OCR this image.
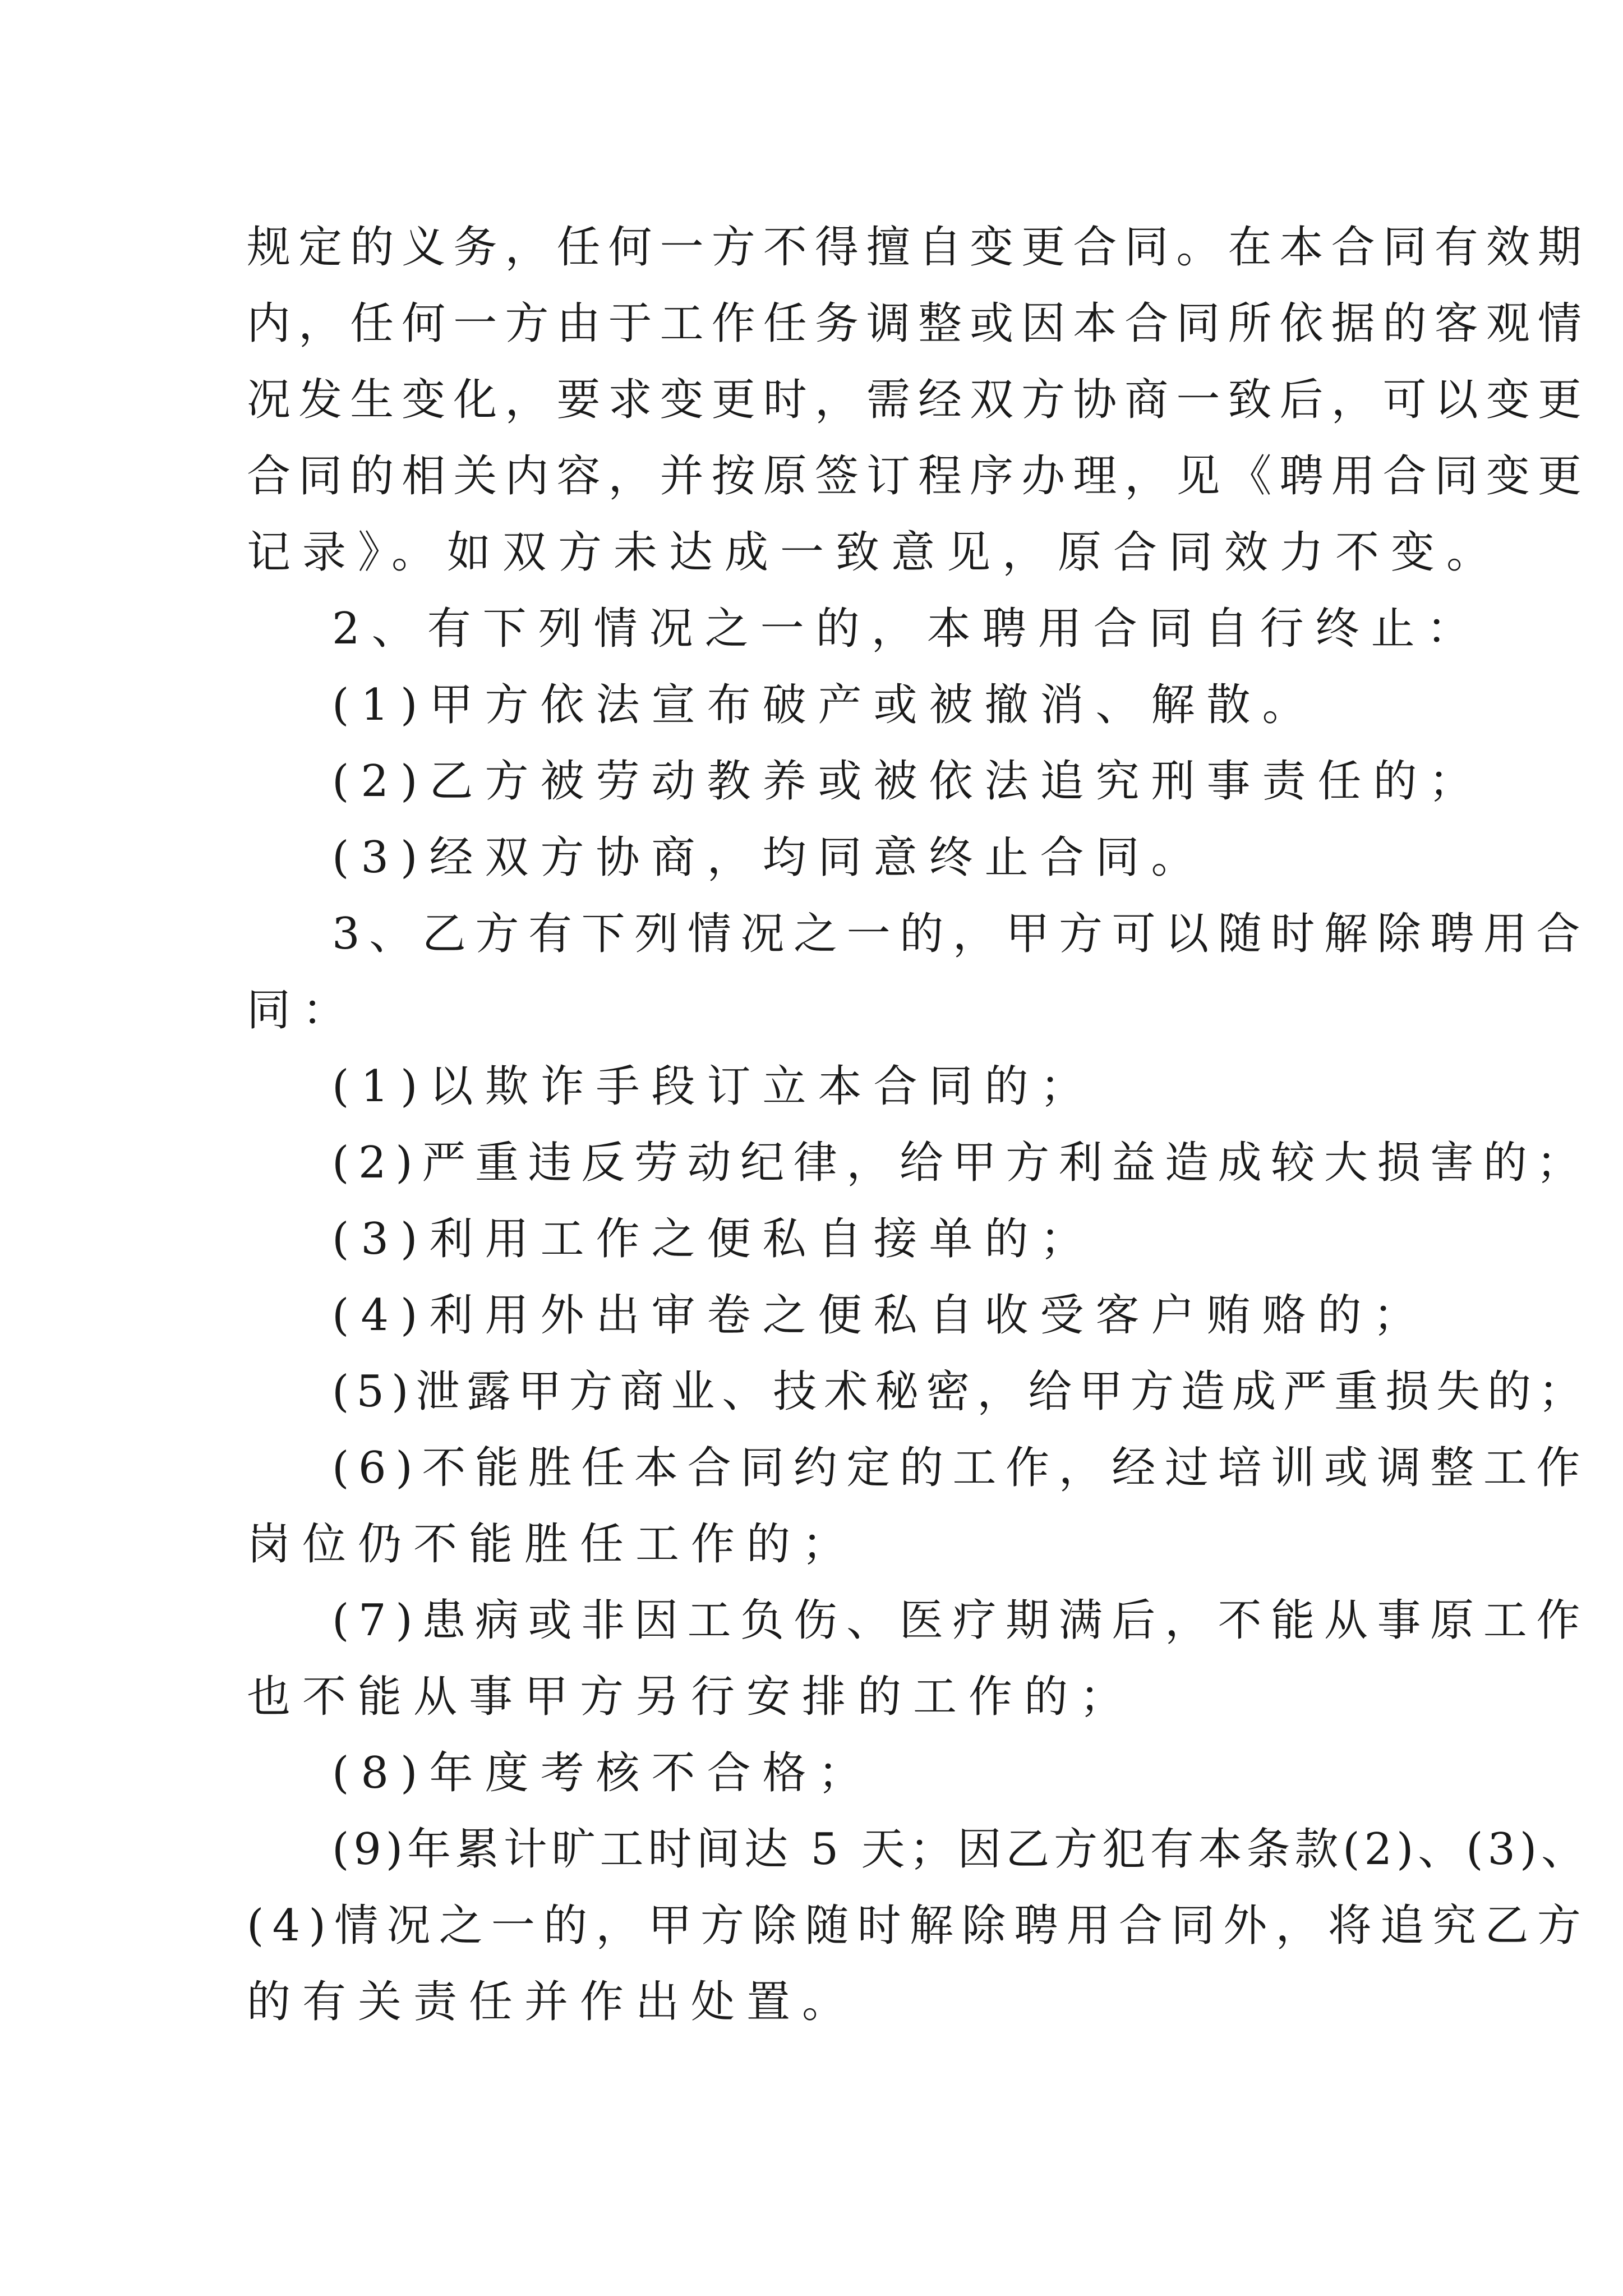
规定的义务，任何一方不得擅自变更合同。在本合同有效期
内，任何一方由于工作任务调整或因本合同所依据的客观情
况发生变化，要求变更时，需经双方协商一致后，可以变更
合同的相关内容，并按原签订程序办理，见《聘用合同变更
记录》。如双方未达成一致意见，原合同效力不变。
2、有下列情况之一的，本聘用合同自行终止：
(1)甲方依法宣布破产或被撤消、解散。
(2)乙方被劳动教养或被依法追究刑事责任的；
(3)经双方协商，均同意终止合同。
3、乙方有下列情况之一的，甲方可以随时解除聘用合
同：
(1)以欺诈手段订立本合同的；
(2)严重违反劳动纪律，给甲方利益造成较大损害的；
(3)利用工作之便私自接单的；
(4)利用外出审卷之便私自收受客户贿赂的；
(5)泄露甲方商业、技术秘密，给甲方造成严重损失的；
(6)不能胜任本合同约定的工作，经过培训或调整工作
岗位仍不能胜任工作的；
(7)患病或非因工负伤、医疗期满后，不能从事原工作
也不能从事甲方另行安排的工作的；
(8)年度考核不合格；
(9)年累计旷工时间达 5 天；因乙方犯有本条款(2)、(3)、
(4)情况之一的，甲方除随时解除聘用合同外，将追究乙方
的有关责任并作出处置。
